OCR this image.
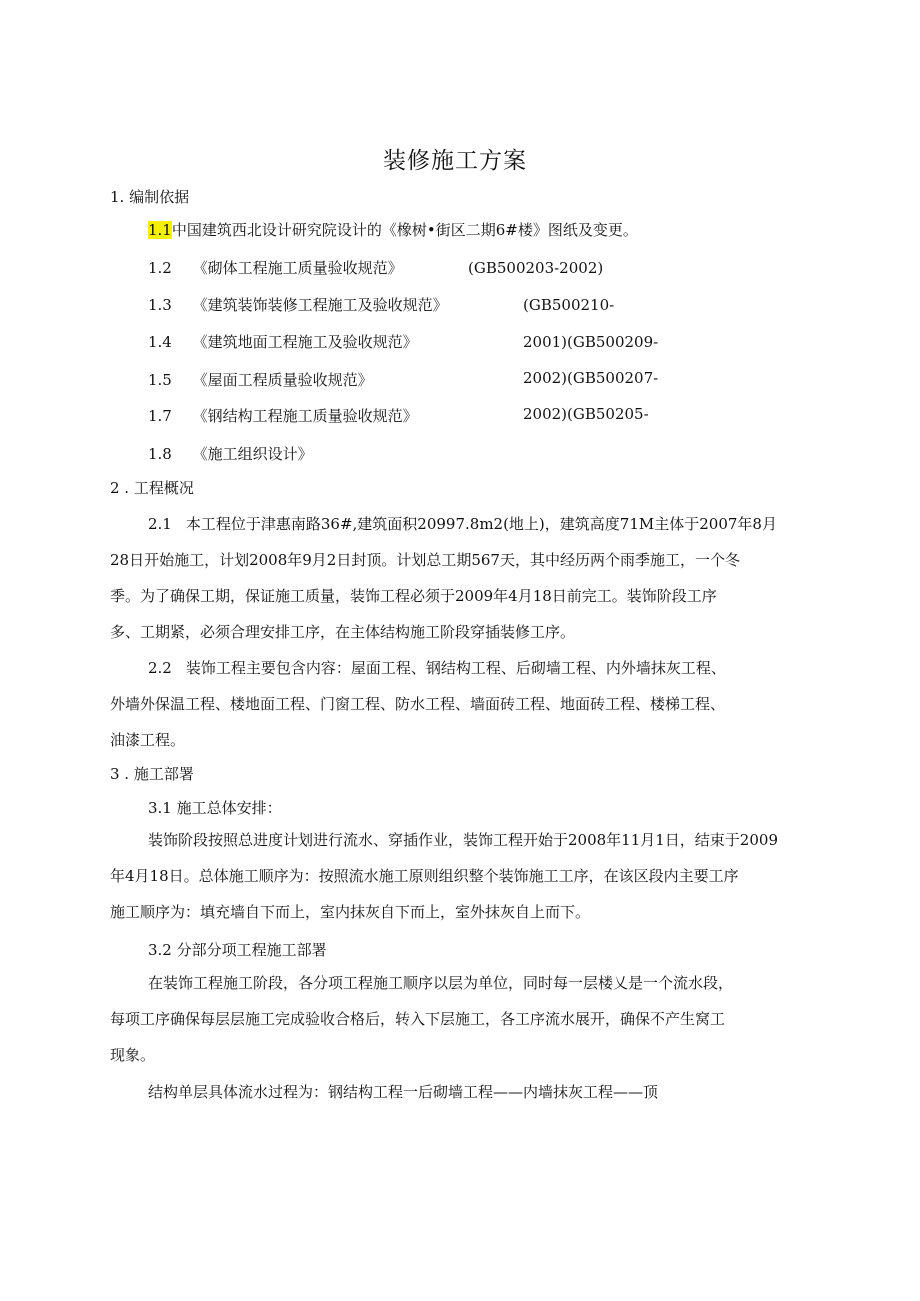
装修施工方案
1. 编制依据
1.1中国建筑西北设计研究院设计的《橡树•街区二期6#楼》图纸及变更。
1.2 《砌体工程施工质量验收规范》	(GB500203-2002)
1.3 《建筑装饰装修工程施工及验收规范》	(GB500210-
1.4 《建筑地面工程施工及验收规范》	2001)(GB500209-
1.5 《屋面工程质量验收规范》	2002)(GB500207-
1.7 《钢结构工程施工质量验收规范》	2002)(GB50205-
1.8 《施工组织设计》
2 . 工程概况
2.1 本工程位于津惠南路36#,建筑面积20997.8m2(地上)，建筑高度71M主体于2007年8月
28日开始施工，计划2008年9月2日封顶。计划总工期567天，其中经历两个雨季施工，一个冬
季。为了确保工期，保证施工质量，装饰工程必须于2009年4月18日前完工。装饰阶段工序
多、工期紧，必须合理安排工序，在主体结构施工阶段穿插装修工序。
2.2 装饰工程主要包含内容：屋面工程、钢结构工程、后砌墙工程、内外墙抹灰工程、
外墙外保温工程、楼地面工程、门窗工程、防水工程、墙面砖工程、地面砖工程、楼梯工程、
油漆工程。
3 . 施工部署
3.1 施工总体安排：
装饰阶段按照总进度计划进行流水、穿插作业，装饰工程开始于2008年11月1日，结束于2009
年4月18日。总体施工顺序为：按照流水施工原则组织整个装饰施工工序，在该区段内主要工序
施工顺序为：填充墙自下而上，室内抹灰自下而上，室外抹灰自上而下。
3.2 分部分项工程施工部署
在装饰工程施工阶段，各分项工程施工顺序以层为单位，同时每一层楼乂是一个流水段，
每项工序确保每层层施工完成验收合格后，转入下层施工，各工序流水展开，确保不产生窝工
现象。
结构单层具体流水过程为：钢结构工程一后砌墙工程——内墙抹灰工程——顶
